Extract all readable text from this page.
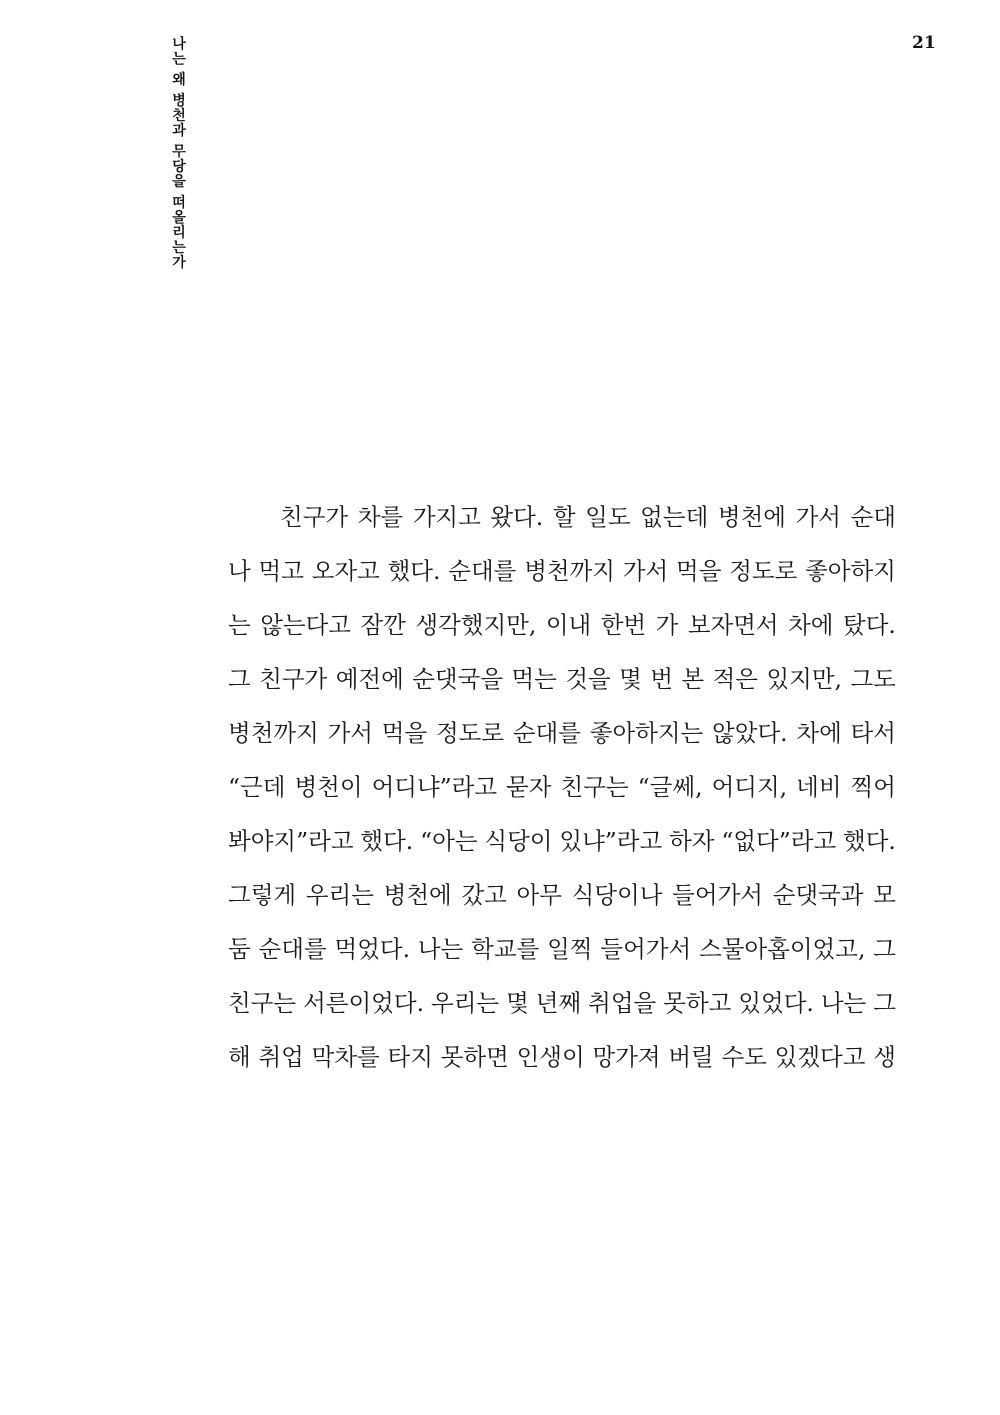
나는 왜 병천과 무당을 떠올리는가	21
친구가 차를 가지고 왔다. 할 일도 없는데 병천에 가서 순대
나 먹고 오자고 했다. 순대를 병천까지 가서 먹을 정도로 좋아하지
는 않는다고 잠깐 생각했지만, 이내 한번 가 보자면서 차에 탔다.
그 친구가 예전에 순댓국을 먹는 것을 몇 번 본 적은 있지만, 그도
병천까지 가서 먹을 정도로 순대를 좋아하지는 않았다. 차에 타서
“근데 병천이 어디냐”라고 묻자 친구는 “글쎄, 어디지, 네비 찍어
봐야지”라고 했다. “아는 식당이 있냐”라고 하자 “없다”라고 했다.
그렇게 우리는 병천에 갔고 아무 식당이나 들어가서 순댓국과 모
둠 순대를 먹었다. 나는 학교를 일찍 들어가서 스물아홉이었고, 그
친구는 서른이었다. 우리는 몇 년째 취업을 못하고 있었다. 나는 그
해 취업 막차를 타지 못하면 인생이 망가져 버릴 수도 있겠다고 생
